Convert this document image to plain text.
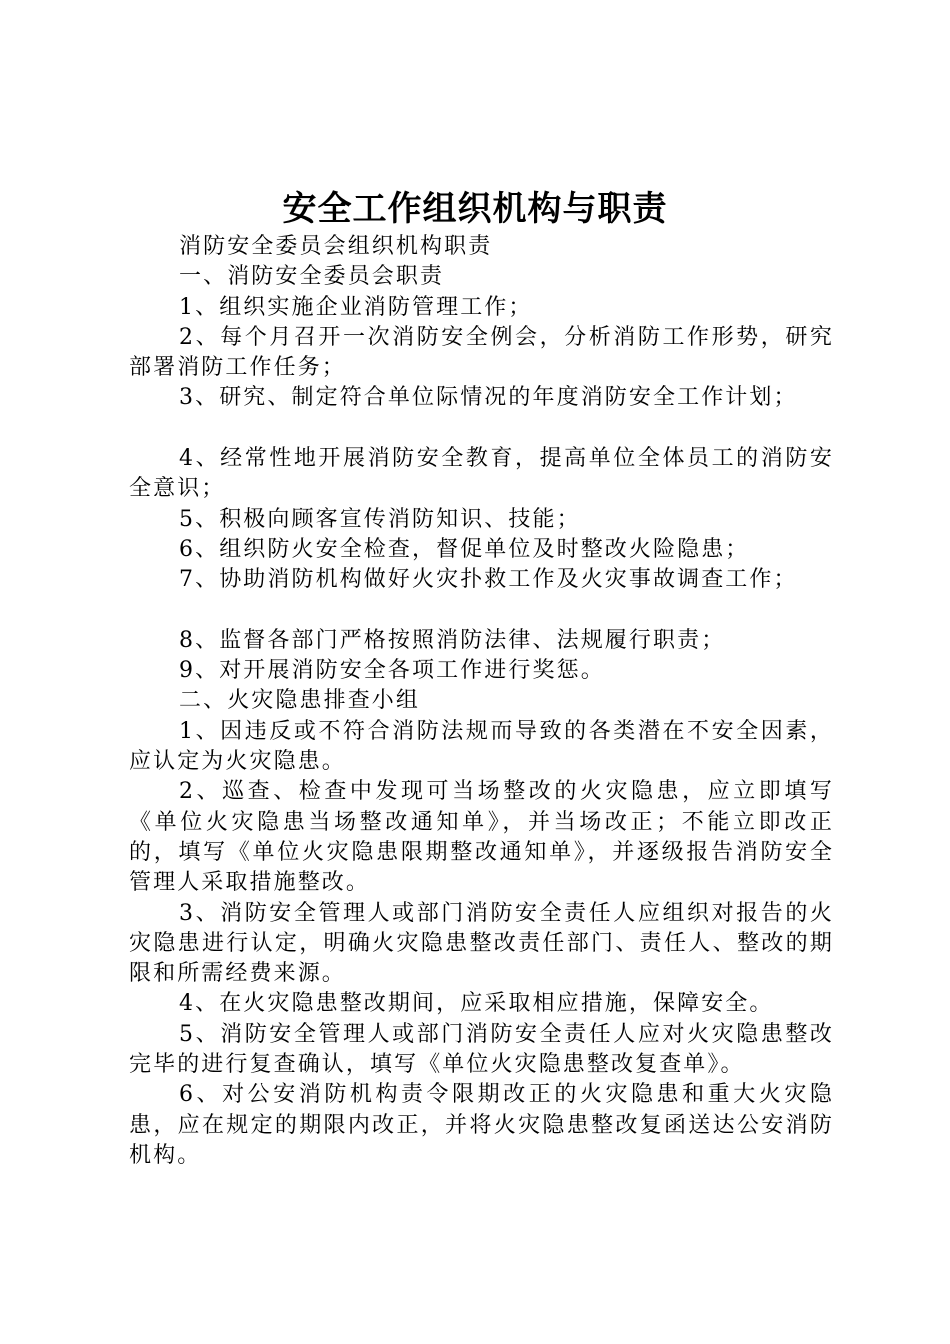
安全工作组织机构与职责

消防安全委员会组织机构职责

一、消防安全委员会职责

1、组织实施企业消防管理工作；

2、每个月召开一次消防安全例会，分析消防工作形势，研究部署消防工作任务；

3、研究、制定符合单位际情况的年度消防安全工作计划；

4、经常性地开展消防安全教育，提高单位全体员工的消防安全意识；

5、积极向顾客宣传消防知识、技能；

6、组织防火安全检查，督促单位及时整改火险隐患；

7、协助消防机构做好火灾扑救工作及火灾事故调查工作；

8、监督各部门严格按照消防法律、法规履行职责；

9、对开展消防安全各项工作进行奖惩。

二、火灾隐患排查小组

1、因违反或不符合消防法规而导致的各类潜在不安全因素，应认定为火灾隐患。

2、巡查、检查中发现可当场整改的火灾隐患，应立即填写《单位火灾隐患当场整改通知单》，并当场改正；不能立即改正的，填写《单位火灾隐患限期整改通知单》，并逐级报告消防安全管理人采取措施整改。

3、消防安全管理人或部门消防安全责任人应组织对报告的火灾隐患进行认定，明确火灾隐患整改责任部门、责任人、整改的期限和所需经费来源。

4、在火灾隐患整改期间，应采取相应措施，保障安全。

5、消防安全管理人或部门消防安全责任人应对火灾隐患整改完毕的进行复查确认，填写《单位火灾隐患整改复查单》。

6、对公安消防机构责令限期改正的火灾隐患和重大火灾隐患，应在规定的期限内改正，并将火灾隐患整改复函送达公安消防机构。
